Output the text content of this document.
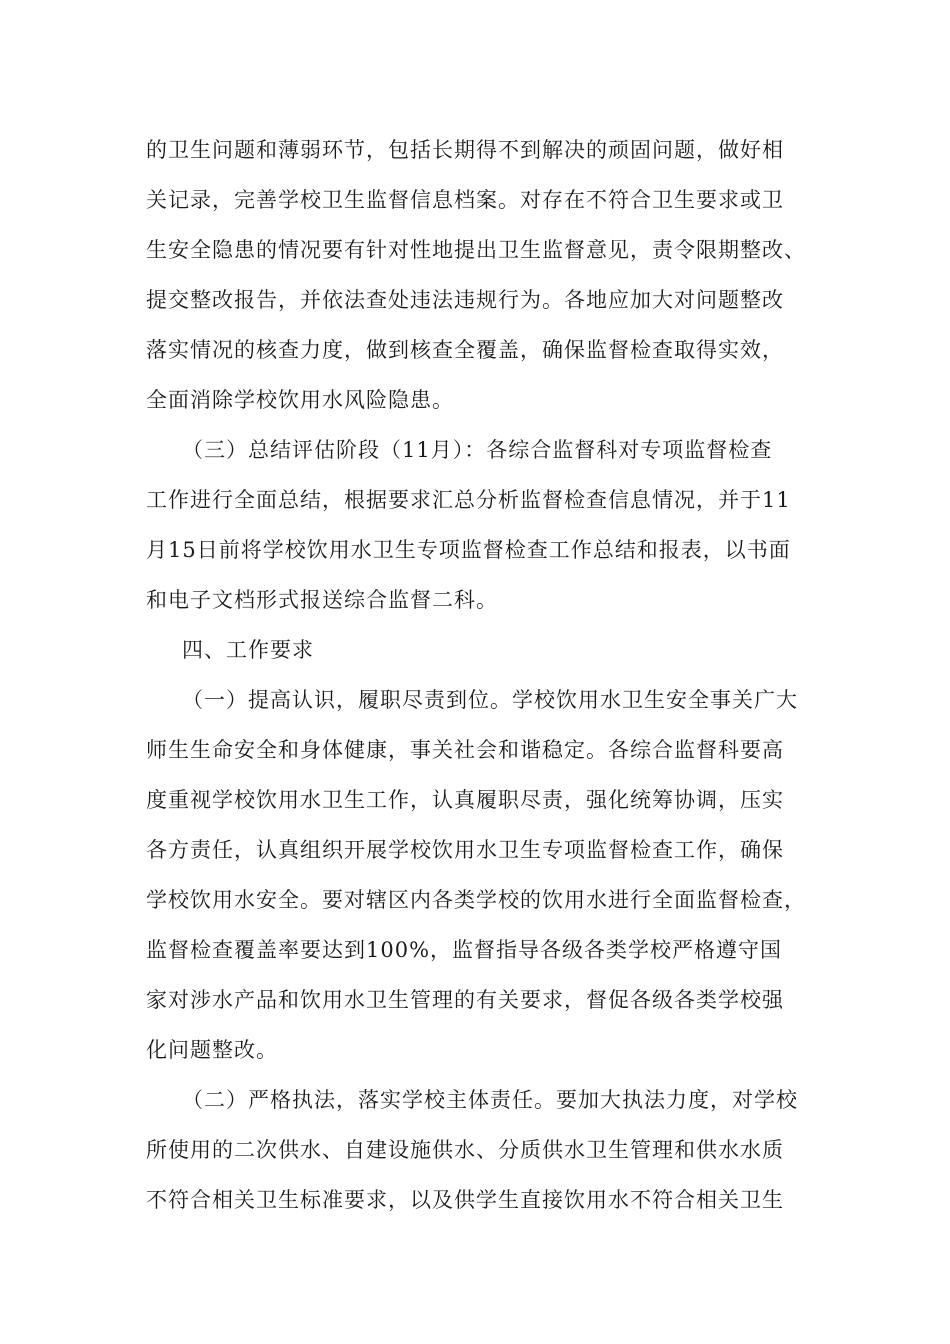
的卫生问题和薄弱环节，包括长期得不到解决的顽固问题，做好相
关记录，完善学校卫生监督信息档案。对存在不符合卫生要求或卫
生安全隐患的情况要有针对性地提出卫生监督意见，责令限期整改、
提交整改报告，并依法查处违法违规行为。各地应加大对问题整改
落实情况的核查力度，做到核查全覆盖，确保监督检查取得实效，
全面消除学校饮用水风险隐患。
（三）总结评估阶段（11月）：各综合监督科对专项监督检查
工作进行全面总结，根据要求汇总分析监督检查信息情况，并于11
月15日前将学校饮用水卫生专项监督检查工作总结和报表，以书面
和电子文档形式报送综合监督二科。
四、工作要求
（一）提高认识，履职尽责到位。学校饮用水卫生安全事关广大
师生生命安全和身体健康，事关社会和谐稳定。各综合监督科要高
度重视学校饮用水卫生工作，认真履职尽责，强化统筹协调，压实
各方责任，认真组织开展学校饮用水卫生专项监督检查工作，确保
学校饮用水安全。要对辖区内各类学校的饮用水进行全面监督检查，
监督检查覆盖率要达到100%，监督指导各级各类学校严格遵守国
家对涉水产品和饮用水卫生管理的有关要求，督促各级各类学校强
化问题整改。
（二）严格执法，落实学校主体责任。要加大执法力度，对学校
所使用的二次供水、自建设施供水、分质供水卫生管理和供水水质
不符合相关卫生标准要求，以及供学生直接饮用水不符合相关卫生
